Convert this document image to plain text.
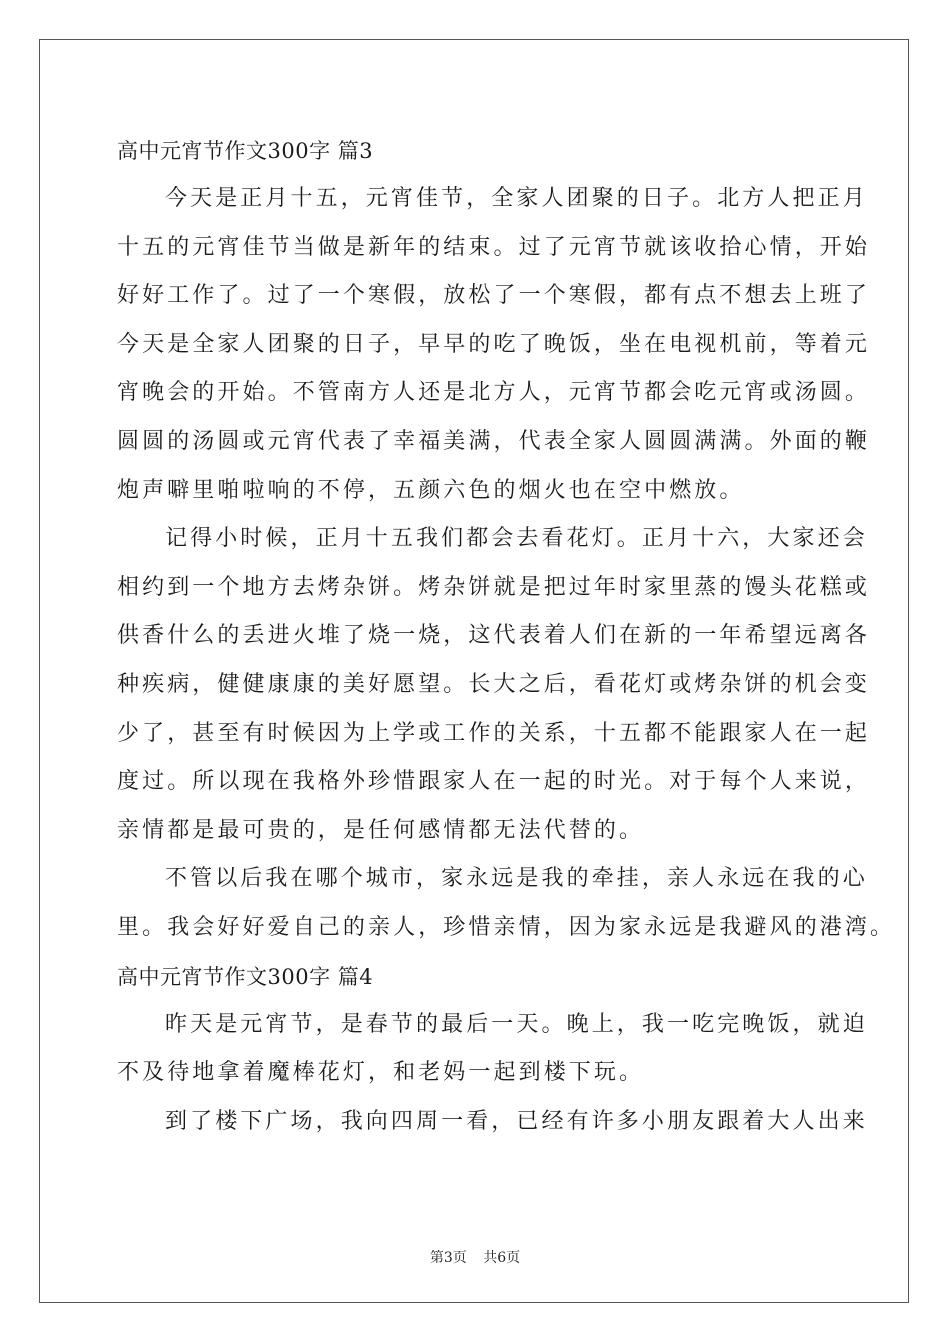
高中元宵节作文300字 篇3
今天是正月十五，元宵佳节，全家人团聚的日子。北方人把正月
十五的元宵佳节当做是新年的结束。过了元宵节就该收拾心情，开始
好好工作了。过了一个寒假，放松了一个寒假，都有点不想去上班了
今天是全家人团聚的日子，早早的吃了晚饭，坐在电视机前，等着元
宵晚会的开始。不管南方人还是北方人，元宵节都会吃元宵或汤圆。
圆圆的汤圆或元宵代表了幸福美满，代表全家人圆圆满满。外面的鞭
炮声噼里啪啦响的不停，五颜六色的烟火也在空中燃放。
记得小时候，正月十五我们都会去看花灯。正月十六，大家还会
相约到一个地方去烤杂饼。烤杂饼就是把过年时家里蒸的馒头花糕或
供香什么的丢进火堆了烧一烧，这代表着人们在新的一年希望远离各
种疾病，健健康康的美好愿望。长大之后，看花灯或烤杂饼的机会变
少了，甚至有时候因为上学或工作的关系，十五都不能跟家人在一起
度过。所以现在我格外珍惜跟家人在一起的时光。对于每个人来说，
亲情都是最可贵的，是任何感情都无法代替的。
不管以后我在哪个城市，家永远是我的牵挂，亲人永远在我的心
里。我会好好爱自己的亲人，珍惜亲情，因为家永远是我避风的港湾。
高中元宵节作文300字 篇4
昨天是元宵节，是春节的最后一天。晚上，我一吃完晚饭，就迫
不及待地拿着魔棒花灯，和老妈一起到楼下玩。
到了楼下广场，我向四周一看，已经有许多小朋友跟着大人出来
第3页 共6页
